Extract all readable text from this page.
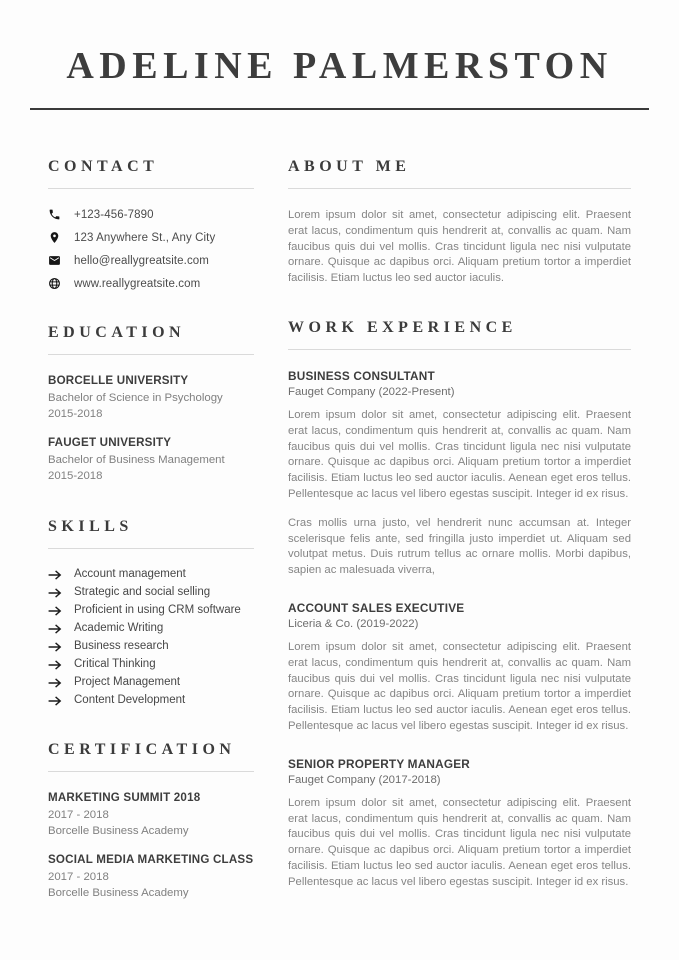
ADELINE PALMERSTON
CONTACT
+123-456-7890
123 Anywhere St., Any City
hello@reallygreatsite.com
www.reallygreatsite.com
EDUCATION
BORCELLE UNIVERSITY
Bachelor of Science in Psychology
2015-2018
FAUGET UNIVERSITY
Bachelor of Business Management
2015-2018
SKILLS
Account management
Strategic and social selling
Proficient in using CRM software
Academic Writing
Business research
Critical Thinking
Project Management
Content Development
CERTIFICATION
MARKETING SUMMIT 2018
2017 - 2018
Borcelle Business Academy
SOCIAL MEDIA MARKETING CLASS
2017 - 2018
Borcelle Business Academy
ABOUT ME

Lorem ipsum dolor sit amet, consectetur adipiscing elit. Praesent erat lacus, condimentum quis hendrerit at, convallis ac quam. Nam faucibus quis dui vel mollis. Cras tincidunt ligula nec nisi vulputate ornare. Quisque ac dapibus orci. Aliquam pretium tortor a imperdiet facilisis. Etiam luctus leo sed auctor iaculis.

WORK EXPERIENCE
BUSINESS CONSULTANT
Fauget Company (2022-Present)

Lorem ipsum dolor sit amet, consectetur adipiscing elit. Praesent erat lacus, condimentum quis hendrerit at, convallis ac quam. Nam faucibus quis dui vel mollis. Cras tincidunt ligula nec nisi vulputate ornare. Quisque ac dapibus orci. Aliquam pretium tortor a imperdiet facilisis. Etiam luctus leo sed auctor iaculis. Aenean eget eros tellus. Pellentesque ac lacus vel libero egestas suscipit. Integer id ex risus.

Cras mollis urna justo, vel hendrerit nunc accumsan at. Integer scelerisque felis ante, sed fringilla justo imperdiet ut. Aliquam sed volutpat metus. Duis rutrum tellus ac ornare mollis. Morbi dapibus, sapien ac malesuada viverra,

ACCOUNT SALES EXECUTIVE
Liceria & Co. (2019-2022)

Lorem ipsum dolor sit amet, consectetur adipiscing elit. Praesent erat lacus, condimentum quis hendrerit at, convallis ac quam. Nam faucibus quis dui vel mollis. Cras tincidunt ligula nec nisi vulputate ornare. Quisque ac dapibus orci. Aliquam pretium tortor a imperdiet facilisis. Etiam luctus leo sed auctor iaculis. Aenean eget eros tellus. Pellentesque ac lacus vel libero egestas suscipit. Integer id ex risus.

SENIOR PROPERTY MANAGER
Fauget Company (2017-2018)

Lorem ipsum dolor sit amet, consectetur adipiscing elit. Praesent erat lacus, condimentum quis hendrerit at, convallis ac quam. Nam faucibus quis dui vel mollis. Cras tincidunt ligula nec nisi vulputate ornare. Quisque ac dapibus orci. Aliquam pretium tortor a imperdiet facilisis. Etiam luctus leo sed auctor iaculis. Aenean eget eros tellus. Pellentesque ac lacus vel libero egestas suscipit. Integer id ex risus.
